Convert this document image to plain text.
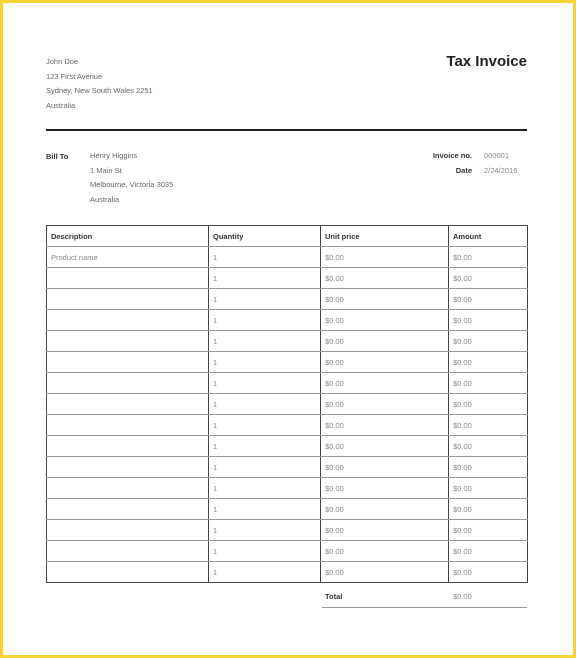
John Doe
123 First Avenue
Sydney, New South Wales 2251
Australia
Tax Invoice
Bill To	Henry Higgins
1 Main St
Melbourne, Victoria 3035
Australia
Invoice no. 000001
Date 2/24/2016
Description	Quantity	Unit price	Amount
Product name	1	$0.00	$0.00
	1	$0.00	$0.00
	1	$0.00	$0.00
	1	$0.00	$0.00
	1	$0.00	$0.00
	1	$0.00	$0.00
	1	$0.00	$0.00
	1	$0.00	$0.00
	1	$0.00	$0.00
	1	$0.00	$0.00
	1	$0.00	$0.00
	1	$0.00	$0.00
	1	$0.00	$0.00
	1	$0.00	$0.00
	1	$0.00	$0.00
	1	$0.00	$0.00
Total	$0.00
